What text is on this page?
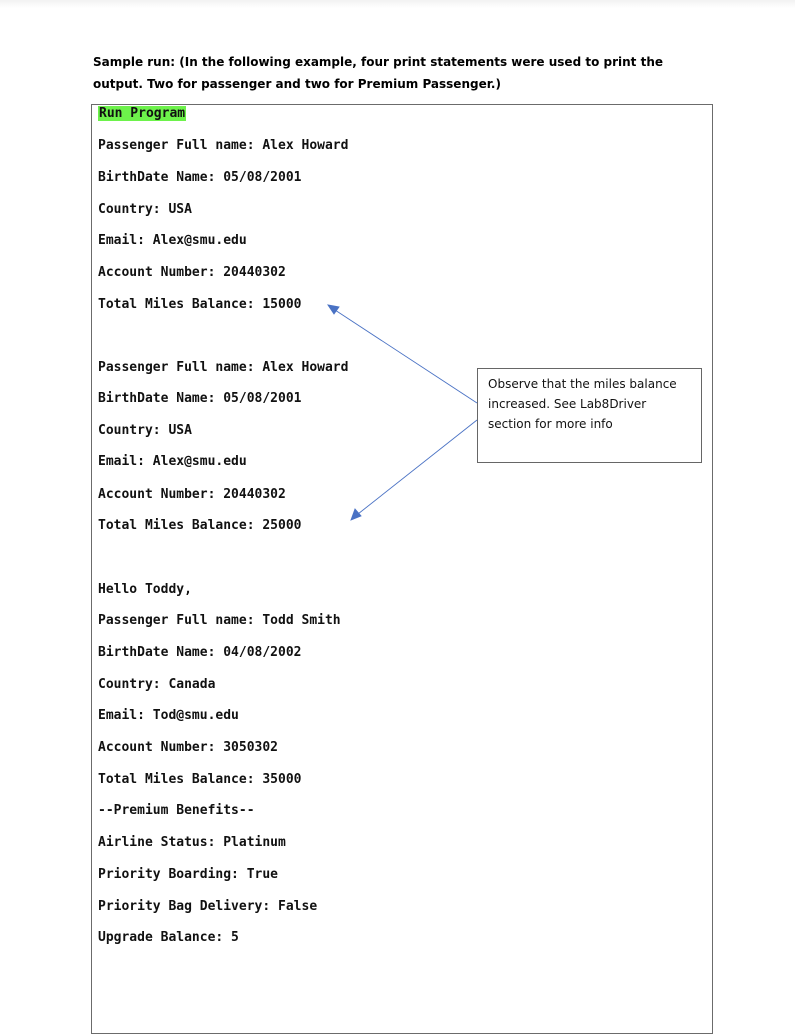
Sample run: (In the following example, four print statements were used to print the output. Two for passenger and two for Premium Passenger.)
Run Program
Passenger Full name: Alex Howard
BirthDate Name: 05/08/2001
Country: USA
Email: Alex@smu.edu
Account Number: 20440302
Total Miles Balance: 15000
Passenger Full name: Alex Howard
BirthDate Name: 05/08/2001
Country: USA
Email: Alex@smu.edu
Account Number: 20440302
Total Miles Balance: 25000
Hello Toddy,
Passenger Full name: Todd Smith
BirthDate Name: 04/08/2002
Country: Canada
Email: Tod@smu.edu
Account Number: 3050302
Total Miles Balance: 35000
--Premium Benefits--
Airline Status: Platinum
Priority Boarding: True
Priority Bag Delivery: False
Upgrade Balance: 5
Observe that the miles balance increased. See Lab8Driver section for more info
